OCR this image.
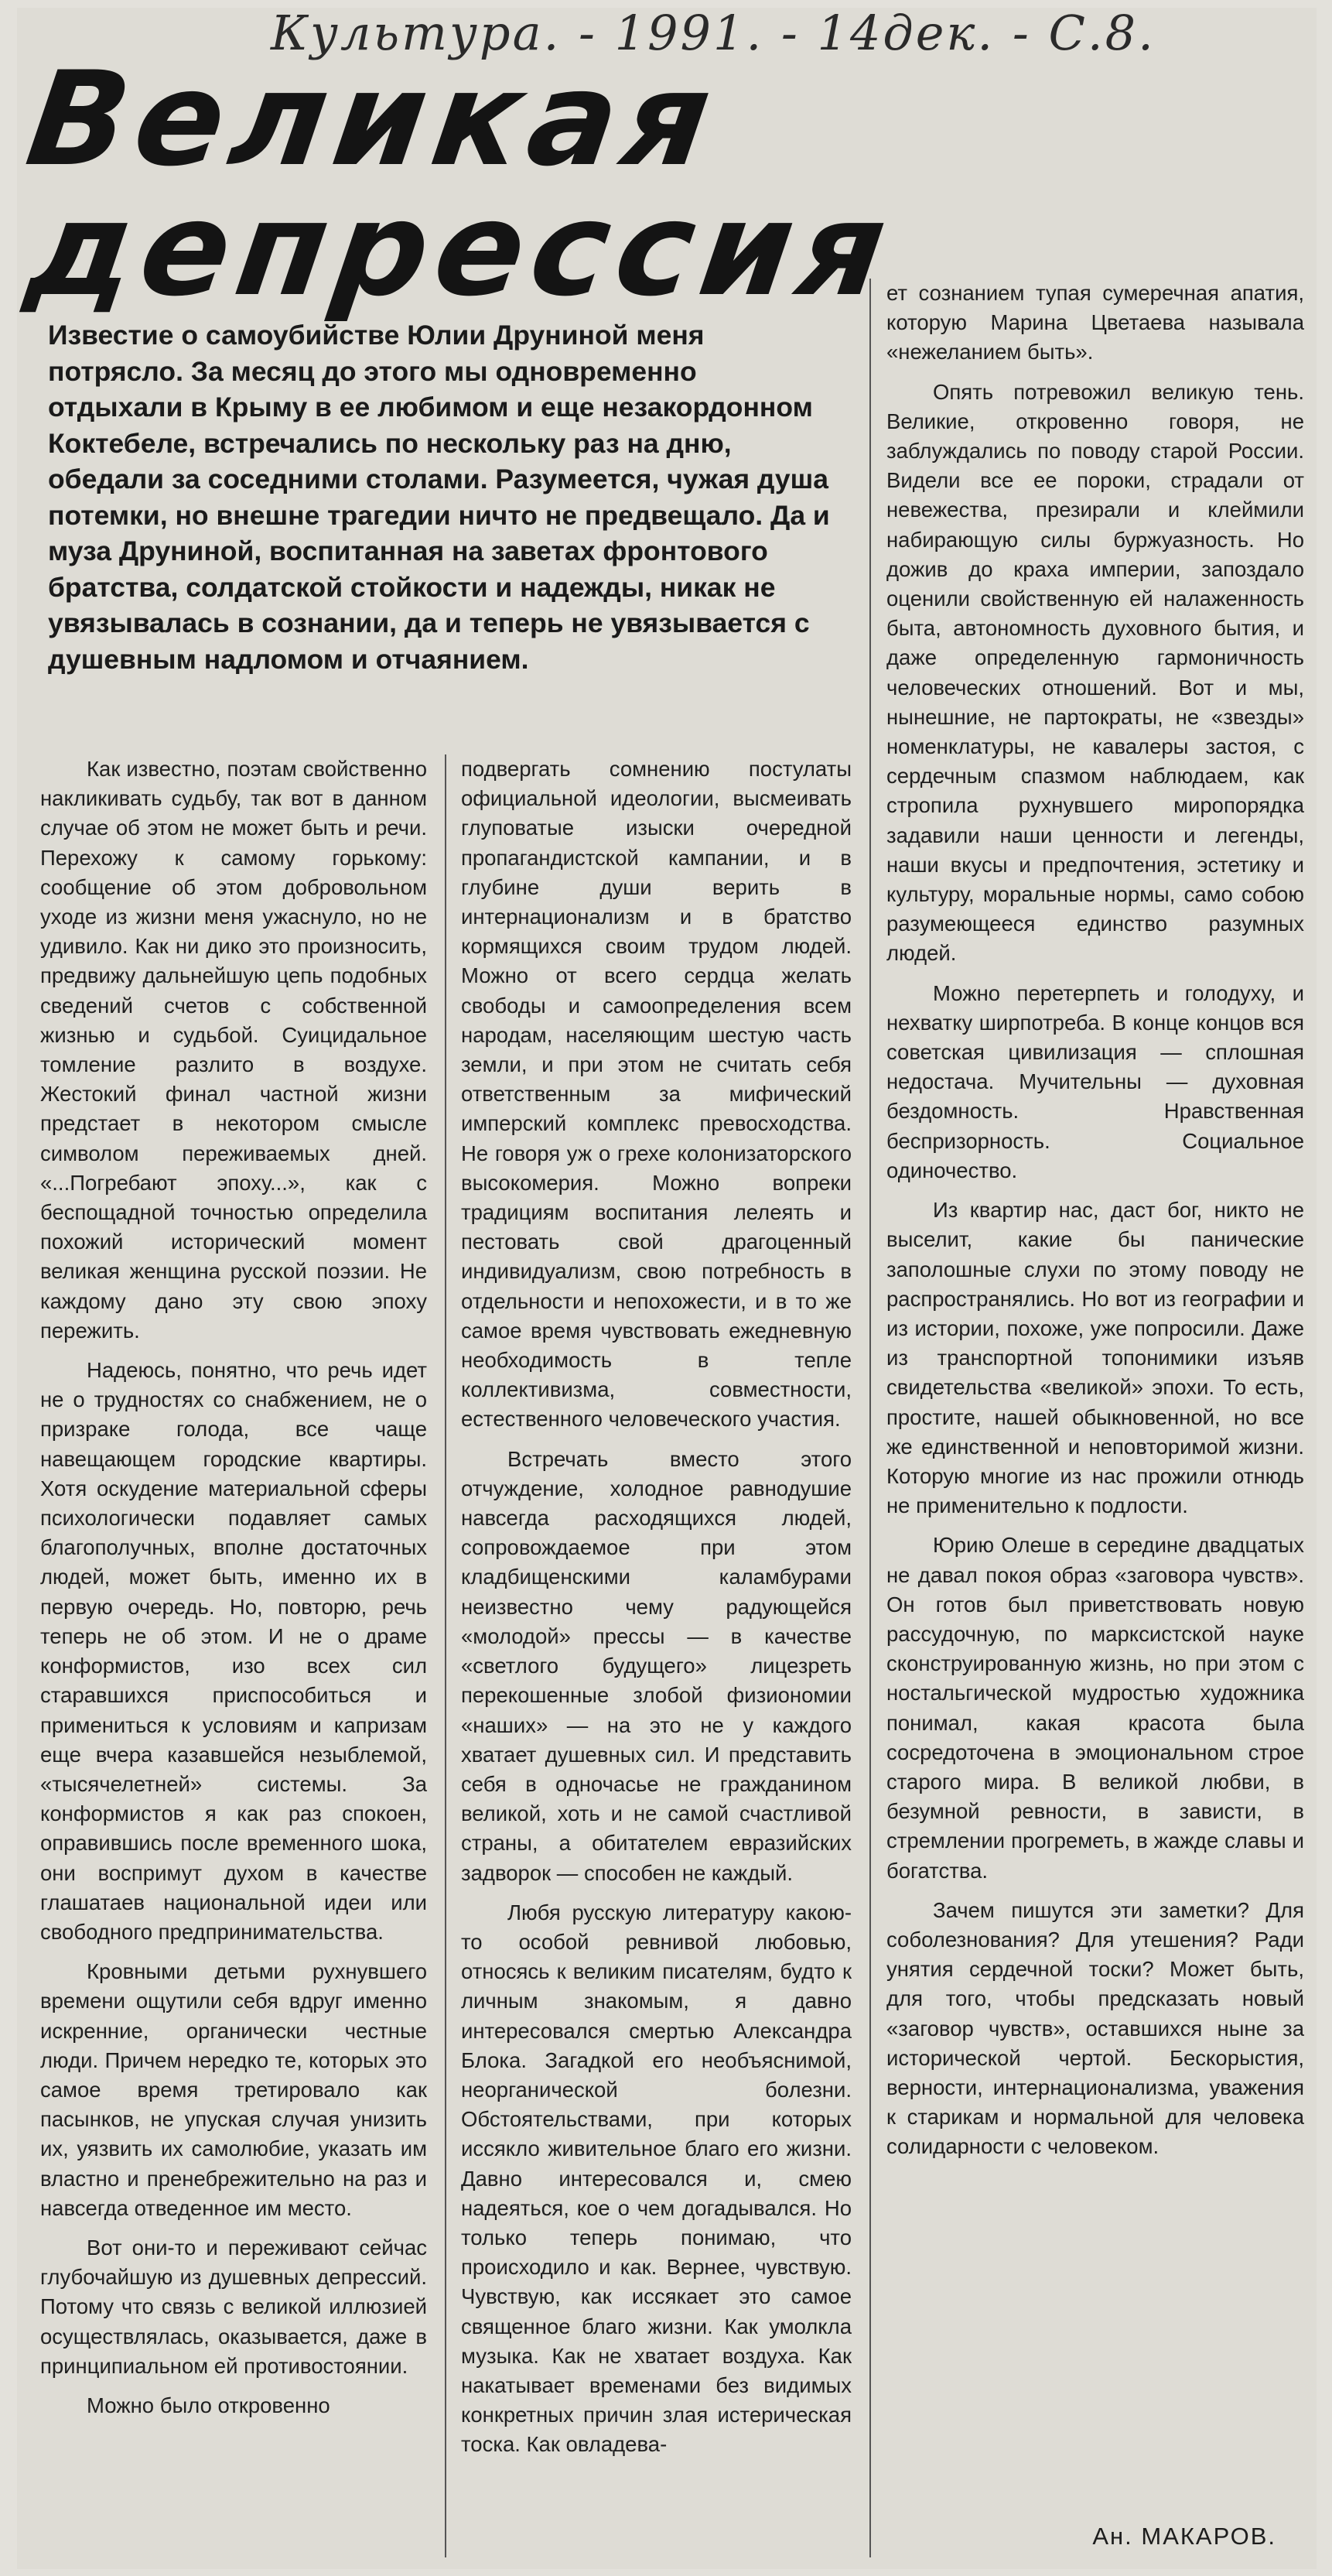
Культура. - 1991. - 14дек. - С.8.
Великая
депрессия
Известие о самоубийстве Юлии Друниной меня потрясло. За месяц до этого мы одновременно отдыхали в Крыму в ее любимом и еще незакордонном Коктебеле, встречались по нескольку раз на дню, обедали за соседними столами. Разумеется, чужая душа потемки, но внешне трагедии ничто не предвещало. Да и муза Друниной, воспитанная на заветах фронтового братства, солдатской стойкости и надежды, никак не увязывалась в сознании, да и теперь не увязывается с душевным надломом и отчаянием.

Как известно, поэтам свойственно накликивать судьбу, так вот в данном случае об этом не может быть и речи. Перехожу к самому горькому: сообщение об этом добровольном уходе из жизни меня ужаснуло, но не удивило. Как ни дико это произносить, предвижу дальнейшую цепь подобных сведений счетов с собственной жизнью и судьбой. Суицидальное томление разлито в воздухе. Жестокий финал частной жизни предстает в некотором смысле символом переживаемых дней. «...Погребают эпоху...», как с беспощадной точностью определила похожий исторический момент великая женщина русской поэзии. Не каждому дано эту свою эпоху пережить.

Надеюсь, понятно, что речь идет не о трудностях со снабжением, не о призраке голода, все чаще навещающем городские квартиры. Хотя оскудение материальной сферы психологически подавляет самых благополучных, вполне достаточных людей, может быть, именно их в первую очередь. Но, повторю, речь теперь не об этом. И не о драме конформистов, изо всех сил старавшихся приспособиться и примениться к условиям и капризам еще вчера казавшейся незыблемой, «тысячелетней» системы. За конформистов я как раз спокоен, оправившись после временного шока, они воспримут духом в качестве глашатаев национальной идеи или свободного предпринимательства.

Кровными детьми рухнувшего времени ощутили себя вдруг именно искренние, органически честные люди. Причем нередко те, которых это самое время третировало как пасынков, не упуская случая унизить их, уязвить их самолюбие, указать им властно и пренебрежительно на раз и навсегда отведенное им место.

Вот они-то и переживают сейчас глубочайшую из душевных депрессий. Потому что связь с великой иллюзией осуществлялась, оказывается, даже в принципиальном ей противостоянии.

Можно было откровенно

подвергать сомнению постулаты официальной идеологии, высмеивать глуповатые изыски очередной пропагандистской кампании, и в глубине души верить в интернационализм и в братство кормящихся своим трудом людей. Можно от всего сердца желать свободы и самоопределения всем народам, населяющим шестую часть земли, и при этом не считать себя ответственным за мифический имперский комплекс превосходства. Не говоря уж о грехе колонизаторского высокомерия. Можно вопреки традициям воспитания лелеять и пестовать свой драгоценный индивидуализм, свою потребность в отдельности и непохожести, и в то же самое время чувствовать ежедневную необходимость в тепле коллективизма, совместности, естественного человеческого участия.

Встречать вместо этого отчуждение, холодное равнодушие навсегда расходящихся людей, сопровождаемое при этом кладбищенскими каламбурами неизвестно чему радующейся «молодой» прессы — в качестве «светлого будущего» лицезреть перекошенные злобой физиономии «наших» — на это не у каждого хватает душевных сил. И представить себя в одночасье не гражданином великой, хоть и не самой счастливой страны, а обитателем евразийских задворок — способен не каждый.

Любя русскую литературу какою-то особой ревнивой любовью, относясь к великим писателям, будто к личным знакомым, я давно интересовался смертью Александра Блока. Загадкой его необъяснимой, неорганической болезни. Обстоятельствами, при которых иссякло живительное благо его жизни. Давно интересовался и, смею надеяться, кое о чем догадывался. Но только теперь понимаю, что происходило и как. Вернее, чувствую. Чувствую, как иссякает это самое священное благо жизни. Как умолкла музыка. Как не хватает воздуха. Как накатывает временами без видимых конкретных причин злая истерическая тоска. Как овладева-

ет сознанием тупая сумеречная апатия, которую Марина Цветаева называла «нежеланием быть».

Опять потревожил великую тень. Великие, откровенно говоря, не заблуждались по поводу старой России. Видели все ее пороки, страдали от невежества, презирали и клеймили набирающую силы буржуазность. Но дожив до краха империи, запоздало оценили свойственную ей налаженность быта, автономность духовного бытия, и даже определенную гармоничность человеческих отношений. Вот и мы, нынешние, не партократы, не «звезды» номенклатуры, не кавалеры застоя, с сердечным спазмом наблюдаем, как стропила рухнувшего миропорядка задавили наши ценности и легенды, наши вкусы и предпочтения, эстетику и культуру, моральные нормы, само собою разумеющееся единство разумных людей.

Можно перетерпеть и голодуху, и нехватку ширпотреба. В конце концов вся советская цивилизация — сплошная недостача. Мучительны — духовная бездомность. Нравственная беспризорность. Социальное одиночество.

Из квартир нас, даст бог, никто не выселит, какие бы панические заполошные слухи по этому поводу не распространялись. Но вот из географии и из истории, похоже, уже попросили. Даже из транспортной топонимики изъяв свидетельства «великой» эпохи. То есть, простите, нашей обыкновенной, но все же единственной и неповторимой жизни. Которую многие из нас прожили отнюдь не применительно к подлости.

Юрию Олеше в середине двадцатых не давал покоя образ «заговора чувств». Он готов был приветствовать новую рассудочную, по марксистской науке сконструированную жизнь, но при этом с ностальгической мудростью художника понимал, какая красота была сосредоточена в эмоциональном строе старого мира. В великой любви, в безумной ревности, в зависти, в стремлении прогреметь, в жажде славы и богатства.

Зачем пишутся эти заметки? Для соболезнования? Для утешения? Ради унятия сердечной тоски? Может быть, для того, чтобы предсказать новый «заговор чувств», оставшихся ныне за исторической чертой. Бескорыстия, верности, интернационализма, уважения к старикам и нормальной для человека солидарности с человеком.

Ан. МАКАРОВ.
